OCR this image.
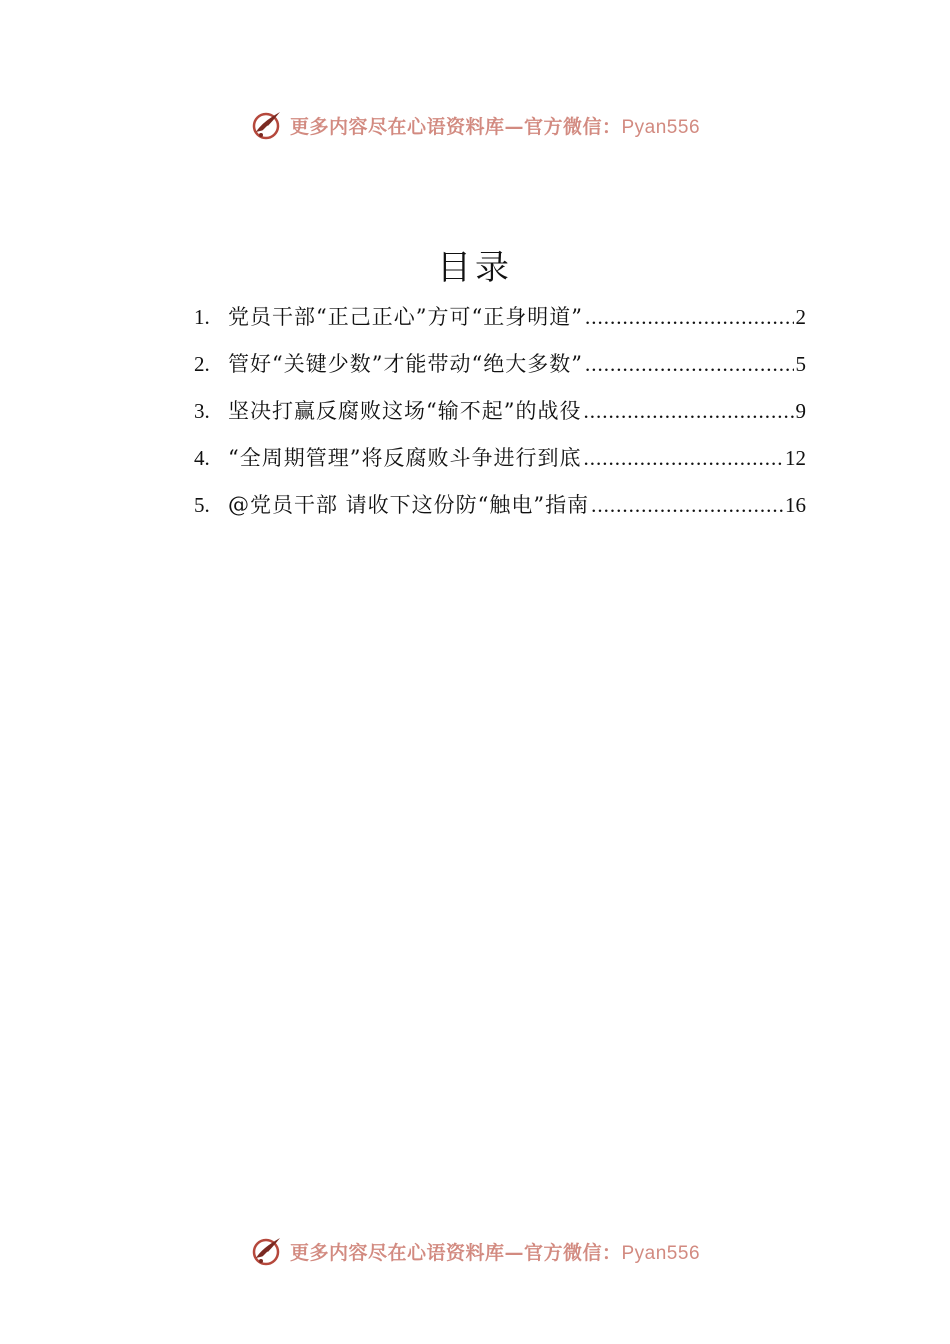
更多内容尽在心语资料库—官方微信：Pyan556
目录
1. 党员干部“正己正心”方可“正身明道” .....	2
2. 管好“关键少数”才能带动“绝大多数” .....	5
3. 坚决打赢反腐败这场“输不起”的战役 .....	9
4. “全周期管理”将反腐败斗争进行到底 .....	12
5. @党员干部 请收下这份防“触电”指南 .....	16
更多内容尽在心语资料库—官方微信：Pyan556
